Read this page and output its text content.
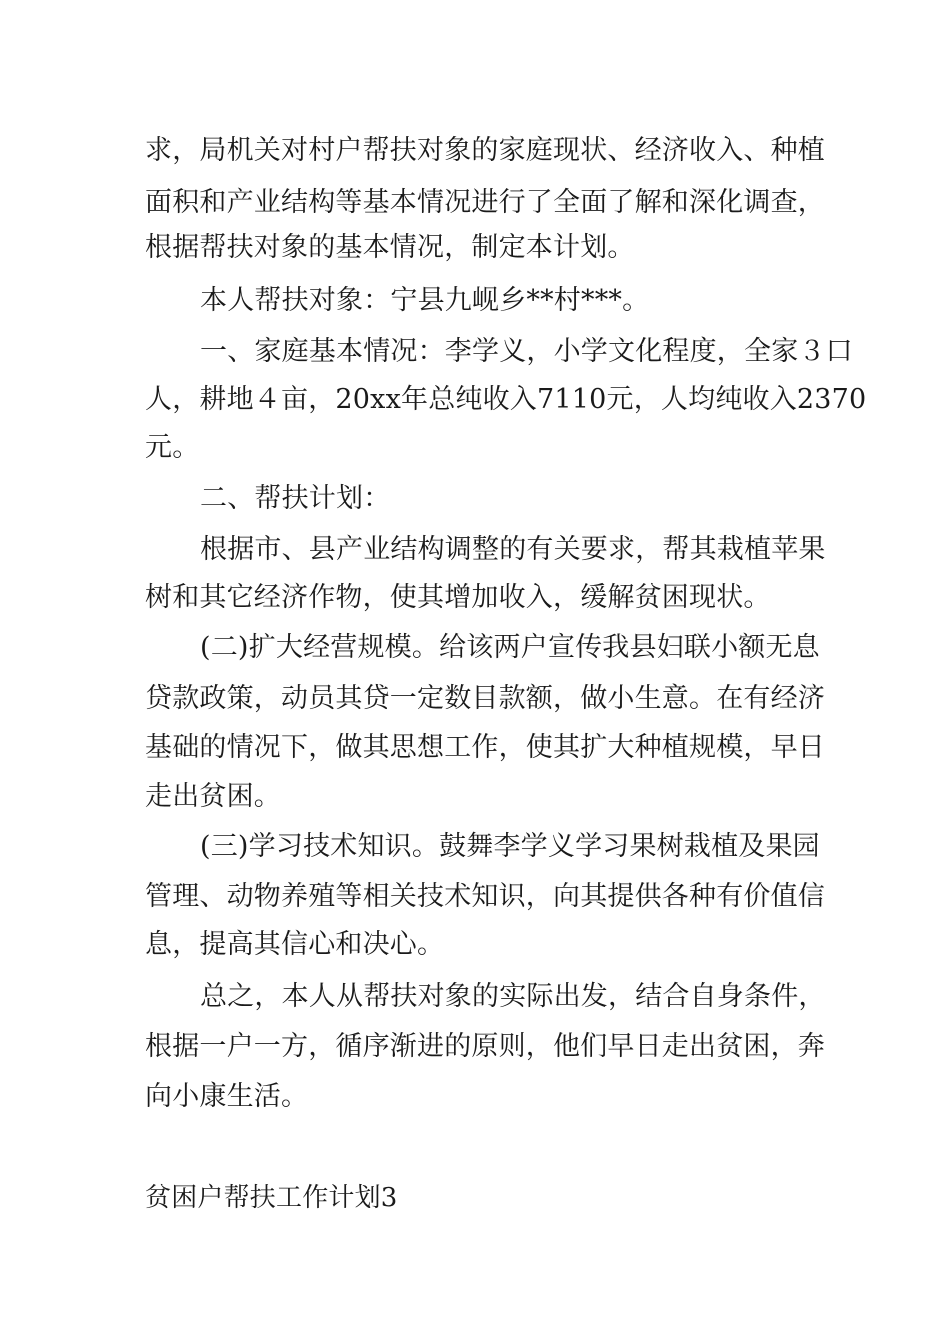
求，局机关对村户帮扶对象的家庭现状、经济收入、种植
面积和产业结构等基本情况进行了全面了解和深化调查，
根据帮扶对象的基本情况，制定本计划。
本人帮扶对象：宁县九岘乡**村***。
一、家庭基本情况：李学义，小学文化程度，全家３口
人，耕地４亩，20xx年总纯收入7110元，人均纯收入2370
元。
二、帮扶计划：
根据市、县产业结构调整的有关要求，帮其栽植苹果
树和其它经济作物，使其增加收入，缓解贫困现状。
(二)扩大经营规模。给该两户宣传我县妇联小额无息
贷款政策，动员其贷一定数目款额，做小生意。在有经济
基础的情况下，做其思想工作，使其扩大种植规模，早日
走出贫困。
(三)学习技术知识。鼓舞李学义学习果树栽植及果园
管理、动物养殖等相关技术知识，向其提供各种有价值信
息，提高其信心和决心。
总之，本人从帮扶对象的实际出发，结合自身条件，
根据一户一方，循序渐进的原则，他们早日走出贫困，奔
向小康生活。
贫困户帮扶工作计划3
